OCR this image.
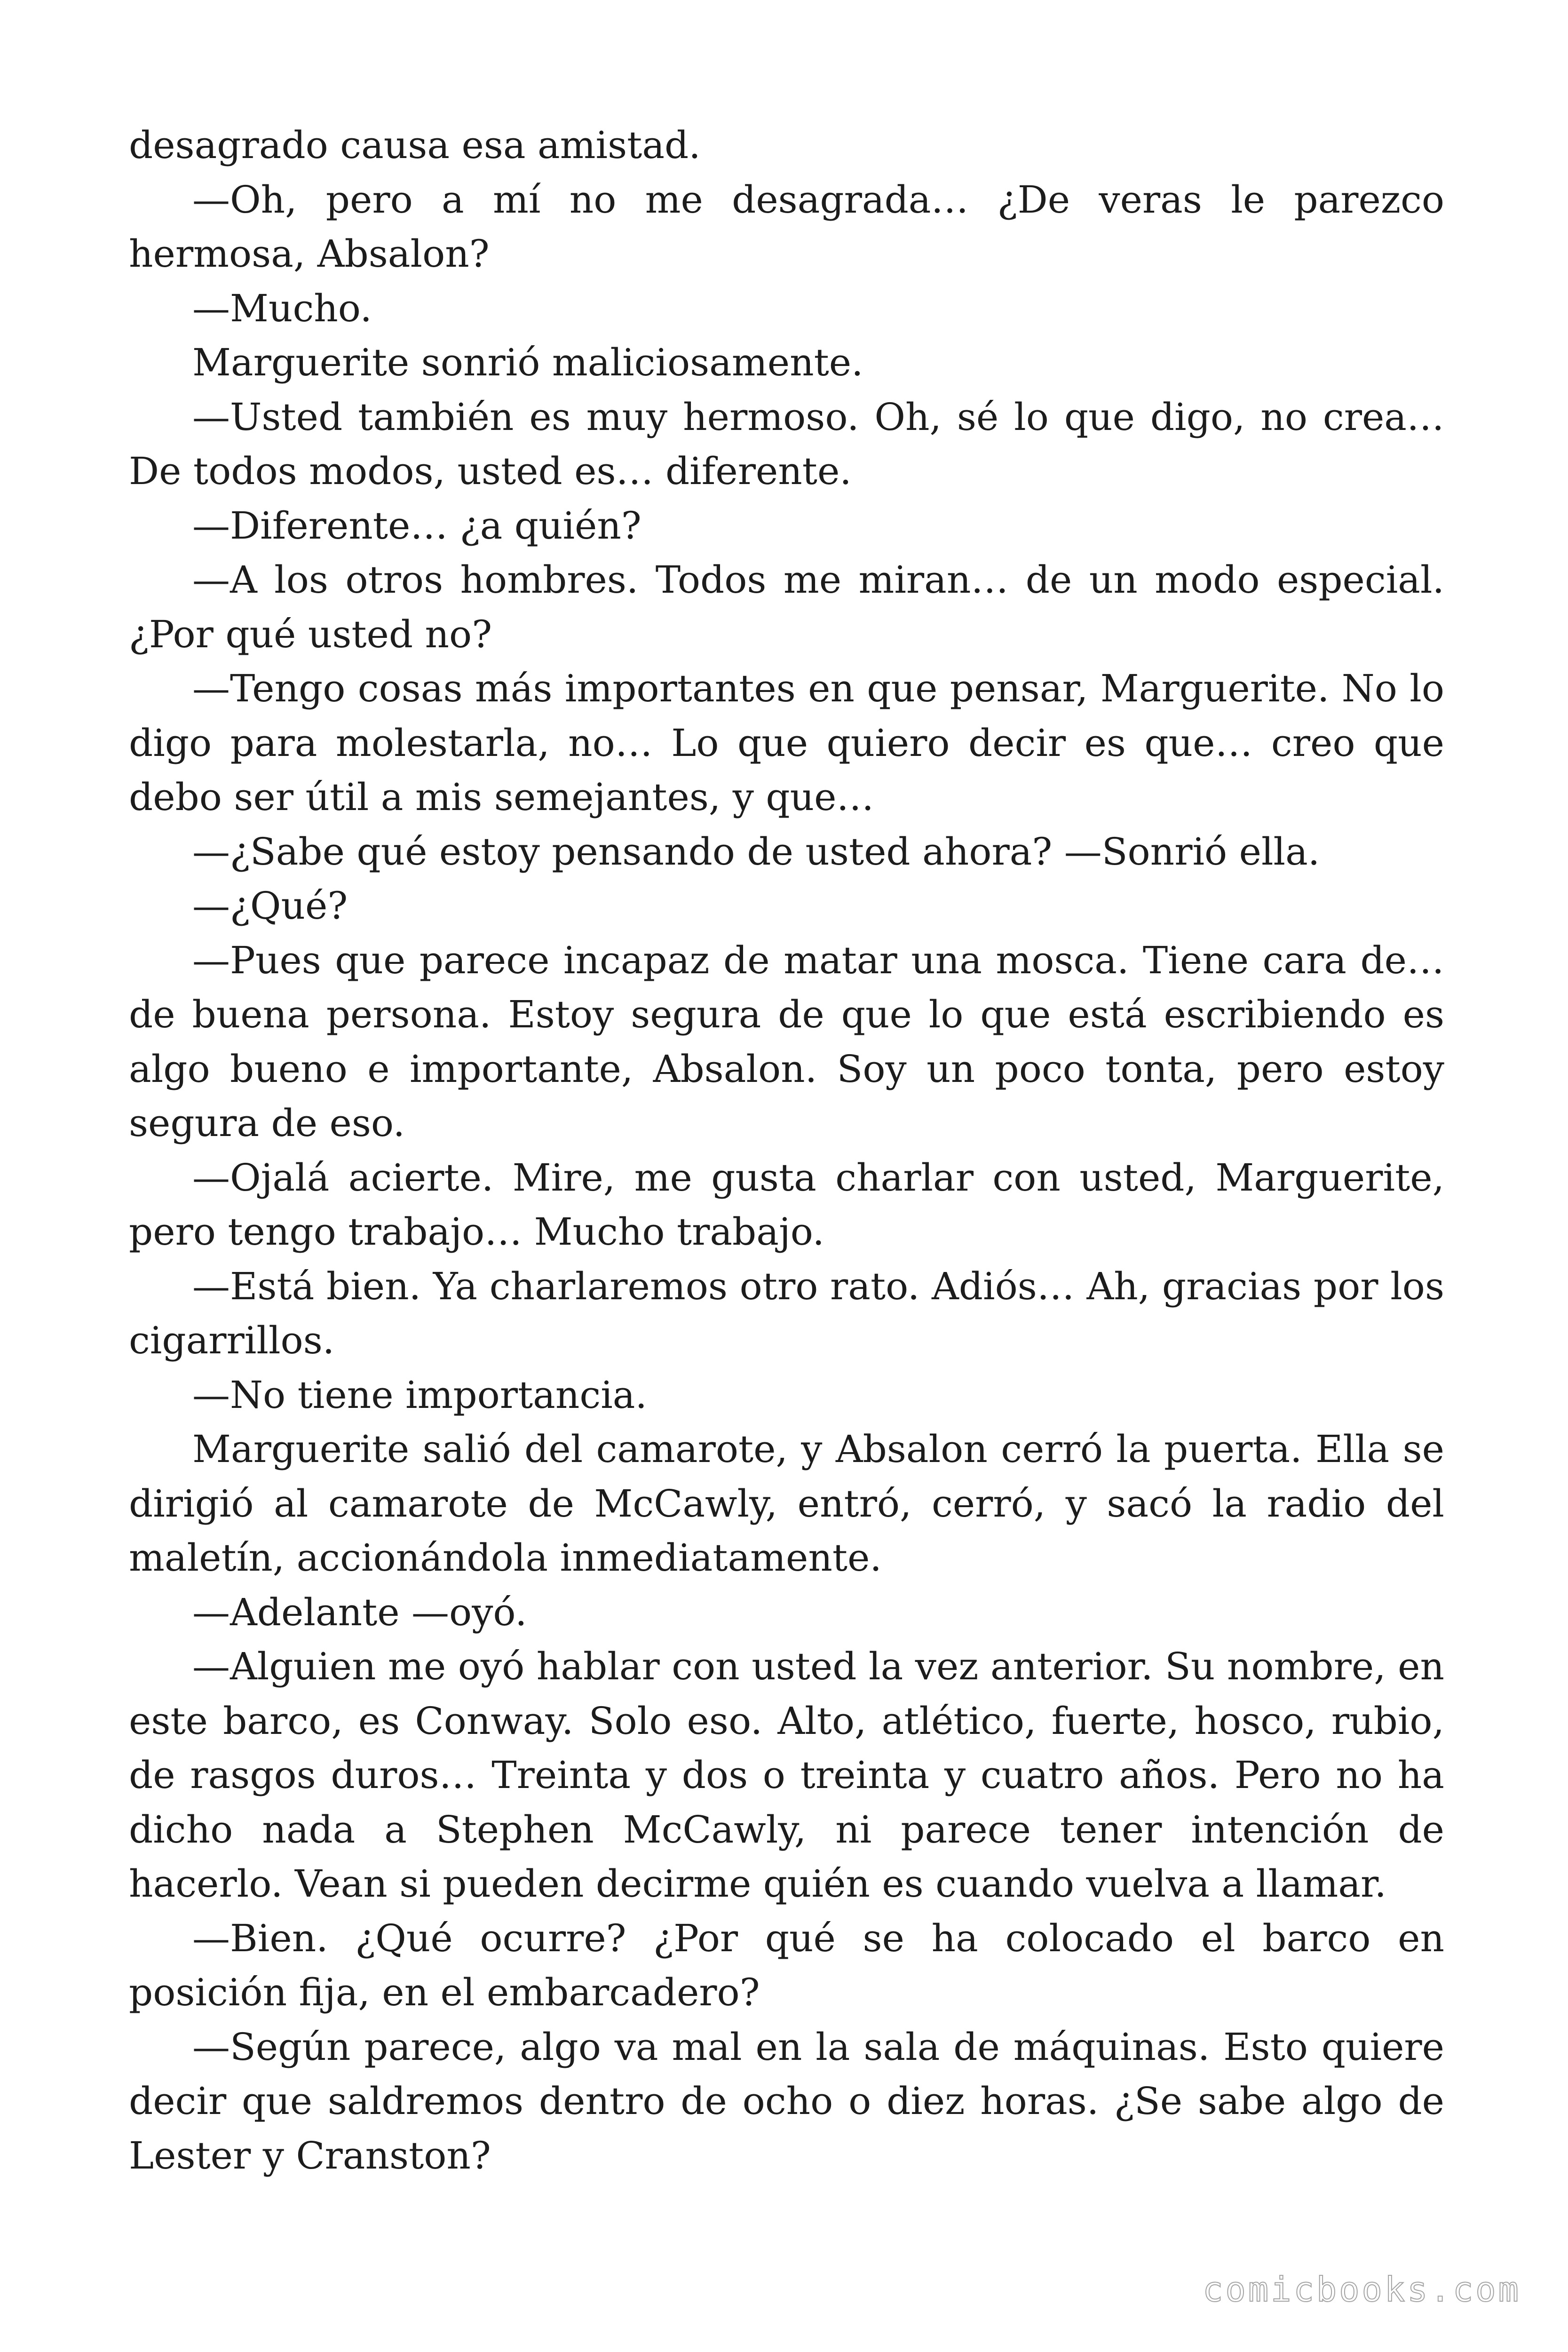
desagrado causa esa amistad.

—Oh, pero a mí no me desagrada… ¿De veras le parezco hermosa, Absalon?

—Mucho.

Marguerite sonrió maliciosamente.

—Usted también es muy hermoso. Oh, sé lo que digo, no crea… De todos modos, usted es… diferente.

—Diferente… ¿a quién?

—A los otros hombres. Todos me miran… de un modo especial. ¿Por qué usted no?

—Tengo cosas más importantes en que pensar, Marguerite. No lo digo para molestarla, no… Lo que quiero decir es que… creo que debo ser útil a mis semejantes, y que…

—¿Sabe qué estoy pensando de usted ahora? —Sonrió ella.

—¿Qué?

—Pues que parece incapaz de matar una mosca. Tiene cara de… de buena persona. Estoy segura de que lo que está escribiendo es algo bueno e importante, Absalon. Soy un poco tonta, pero estoy segura de eso.

—Ojalá acierte. Mire, me gusta charlar con usted, Marguerite, pero tengo trabajo… Mucho trabajo.

—Está bien. Ya charlaremos otro rato. Adiós… Ah, gracias por los cigarrillos.

—No tiene importancia.

Marguerite salió del camarote, y Absalon cerró la puerta. Ella se dirigió al camarote de McCawly, entró, cerró, y sacó la radio del maletín, accionándola inmediatamente.

—Adelante —oyó.

—Alguien me oyó hablar con usted la vez anterior. Su nombre, en este barco, es Conway. Solo eso. Alto, atlético, fuerte, hosco, rubio, de rasgos duros… Treinta y dos o treinta y cuatro años. Pero no ha dicho nada a Stephen McCawly, ni parece tener intención de hacerlo. Vean si pueden decirme quién es cuando vuelva a llamar.

—Bien. ¿Qué ocurre? ¿Por qué se ha colocado el barco en posición fija, en el embarcadero?

—Según parece, algo va mal en la sala de máquinas. Esto quiere decir que saldremos dentro de ocho o diez horas. ¿Se sabe algo de Lester y Cranston?

comicbooks.com
